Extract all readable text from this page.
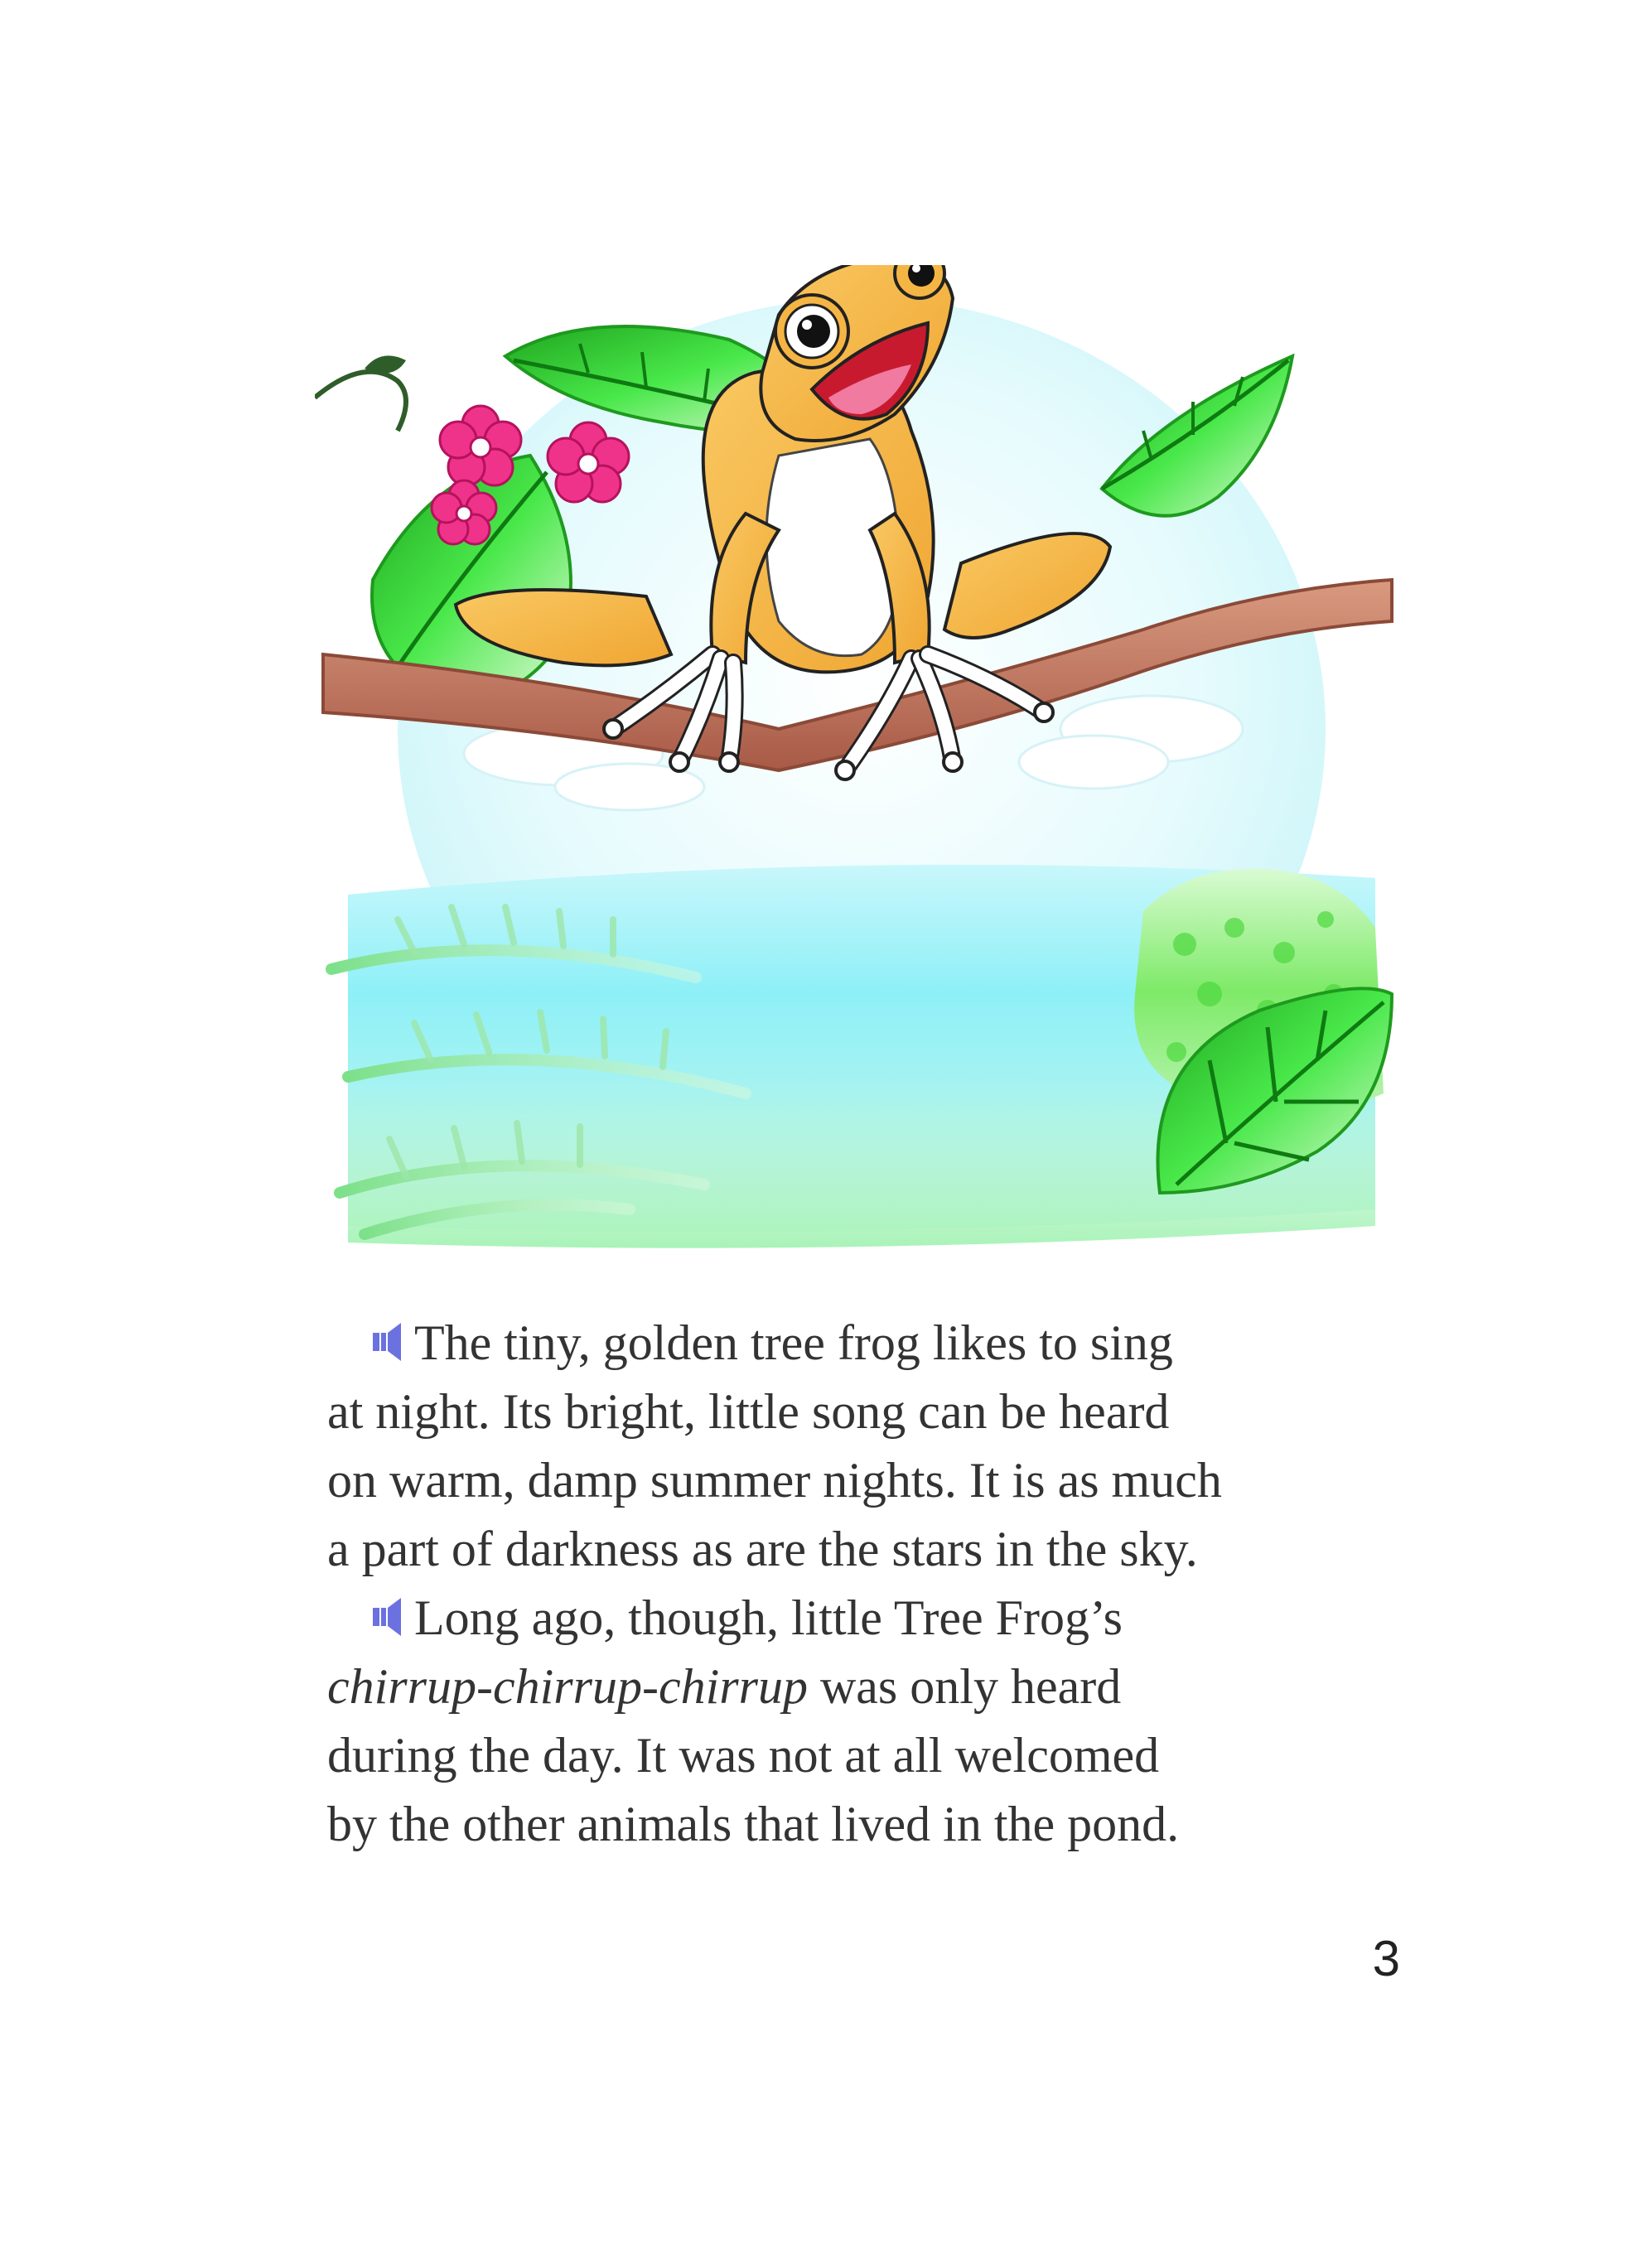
The tiny, golden tree frog likes to sing
at night. Its bright, little song can be heard
on warm, damp summer nights. It is as much
a part of darkness as are the stars in the sky.
Long ago, though, little Tree Frog’s
chirrup-chirrup-chirrup was only heard
during the day. It was not at all welcomed
by the other animals that lived in the pond.

3
